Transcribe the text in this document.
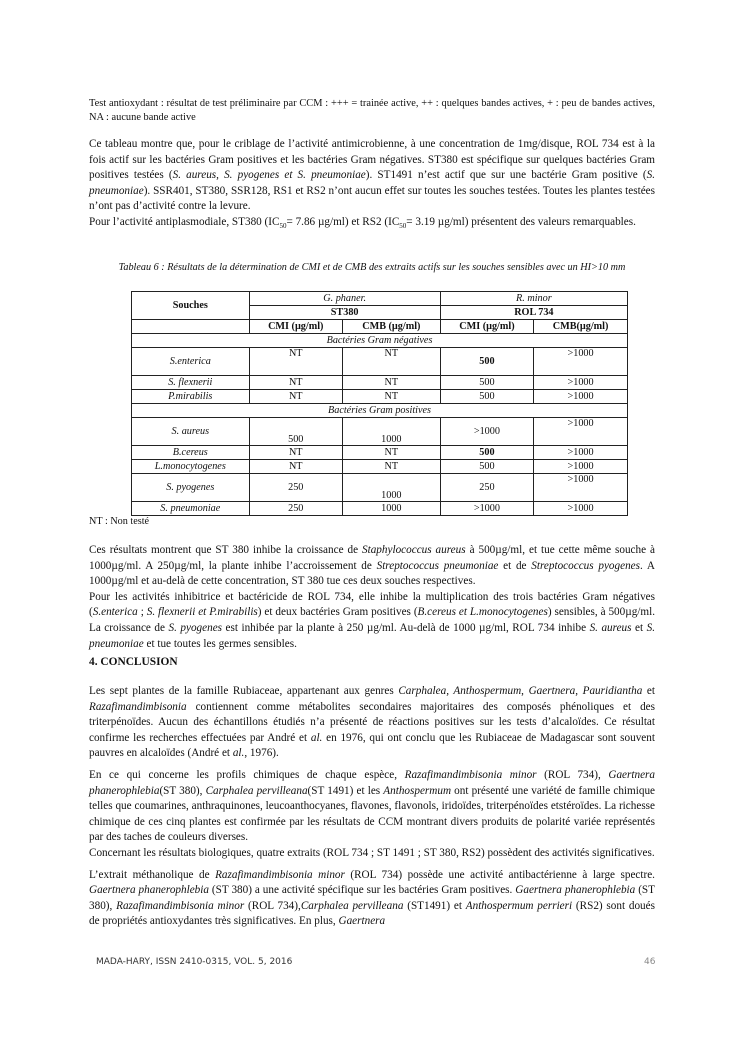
Test antioxydant : résultat de test préliminaire par CCM : +++ = trainée active, ++ : quelques bandes actives, + : peu de bandes actives, NA : aucune bande active

Ce tableau montre que, pour le criblage de l’activité antimicrobienne, à une concentration de 1mg/disque, ROL 734 est à la fois actif sur les bactéries Gram positives et les bactéries Gram négatives. ST380 est spécifique sur quelques bactéries Gram positives testées (S. aureus, S. pyogenes et S. pneumoniae). ST1491 n’est actif que sur une bactérie Gram positive (S. pneumoniae). SSR401, ST380, SSR128, RS1 et RS2 n’ont aucun effet sur toutes les souches testées. Toutes les plantes testées n’ont pas d’activité contre la levure.

Pour l’activité antiplasmodiale, ST380 ($IC_{50}= 7.86$ µg/ml) et RS2 ($IC_{50}= 3.19$ µg/ml) présentent des valeurs remarquables.

Tableau 6 : Résultats de la détermination de CMI et de CMB des extraits actifs sur les souches sensibles avec un HI>10 mm
Souches	G. phaner.		R. minor	
	ST380		ROL 734	
	CMI (µg/ml)	CMB (µg/ml)	CMI (µg/ml)	CMB(µg/ml)
Bactéries Gram négatives				
S.enterica	NT	NT	500	>1000
S. flexnerii	NT	NT	500	>1000
P.mirabilis	NT	NT	500	>1000
Bactéries Gram positives				
S. aureus	500	1000	>1000	>1000
B.cereus	NT	NT	500	>1000
L.monocytogenes	NT	NT	500	>1000
S. pyogenes	250	1000	250	>1000
S. pneumoniae	250	1000	>1000	>1000
NT : Non testé

Ces résultats montrent que ST 380 inhibe la croissance de Staphylococcus aureus à 500µg/ml, et tue cette même souche à 1000µg/ml. A 250µg/ml, la plante inhibe l’accroissement de Streptococcus pneumoniae et de Streptococcus pyogenes. A 1000µg/ml et au-delà de cette concentration, ST 380 tue ces deux souches respectives.

Pour les activités inhibitrice et bactéricide de ROL 734, elle inhibe la multiplication des trois bactéries Gram négatives (S.enterica ; S. flexnerii et P.mirabilis) et deux bactéries Gram positives (B.cereus et L.monocytogenes) sensibles, à 500µg/ml. La croissance de S. pyogenes est inhibée par la plante à 250 µg/ml. Au-delà de 1000 µg/ml, ROL 734 inhibe S. aureus et S. pneumoniae et tue toutes les germes sensibles.

4. CONCLUSION

Les sept plantes de la famille Rubiaceae, appartenant aux genres Carphalea, Anthospermum, Gaertnera, Pauridiantha et Razafimandimbisonia contiennent comme métabolites secondaires majoritaires des composés phénoliques et des triterpénoïdes. Aucun des échantillons étudiés n’a présenté de réactions positives sur les tests d’alcaloïdes. Ce résultat confirme les recherches effectuées par André et al. en 1976, qui ont conclu que les Rubiaceae de Madagascar sont souvent pauvres en alcaloïdes (André et al., 1976).

En ce qui concerne les profils chimiques de chaque espèce, Razafimandimbisonia minor (ROL 734), Gaertnera phanerophlebia(ST 380), Carphalea pervilleana(ST 1491) et les Anthospermum ont présenté une variété de famille chimique telles que coumarines, anthraquinones, leucoanthocyanes, flavones, flavonols, iridoïdes, triterpénoïdes etstéroïdes. La richesse chimique de ces cinq plantes est confirmée par les résultats de CCM montrant divers produits de polarité variée représentés par des taches de couleurs diverses.

Concernant les résultats biologiques, quatre extraits (ROL 734 ; ST 1491 ; ST 380, RS2) possèdent des activités significatives.

L’extrait méthanolique de Razafimandimbisonia minor (ROL 734) possède une activité antibactérienne à large spectre. Gaertnera phanerophlebia (ST 380) a une activité spécifique sur les bactéries Gram positives. Gaertnera phanerophlebia (ST 380), Razafimandimbisonia minor (ROL 734),Carphalea pervilleana (ST1491) et Anthospermum perrieri (RS2) sont doués de propriétés antioxydantes très significatives. En plus, Gaertnera

MADA-HARY, ISSN 2410-0315, VOL. 5, 2016	46
